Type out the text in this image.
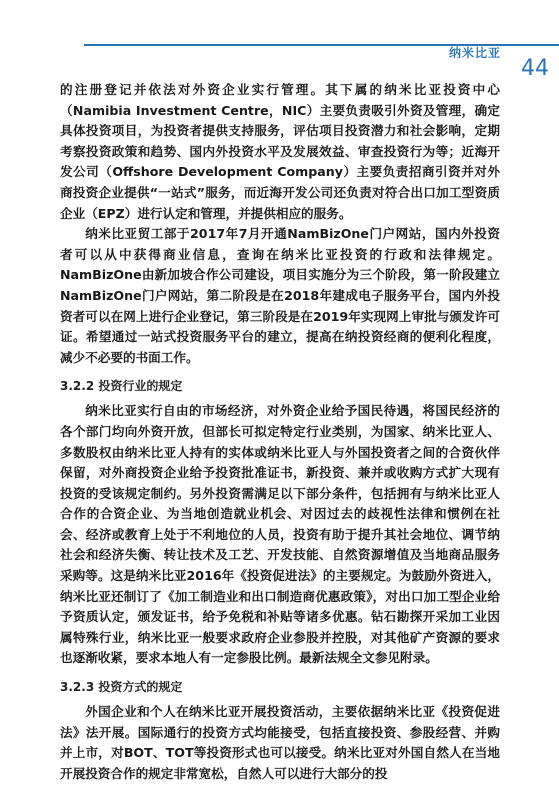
纳米比亚
44

的注册登记并依法对外资企业实行管理。其下属的纳米比亚投资中心（Namibia Investment Centre，NIC）主要负责吸引外资及管理，确定具体投资项目，为投资者提供支持服务，评估项目投资潜力和社会影响，定期考察投资政策和趋势、国内外投资水平及发展效益、审查投资行为等；近海开发公司（Offshore Development Company）主要负责招商引资并对外商投资企业提供“一站式”服务，而近海开发公司还负责对符合出口加工型资质企业（EPZ）进行认定和管理，并提供相应的服务。

纳米比亚贸工部于2017年7月开通NamBizOne门户网站，国内外投资者可以从中获得商业信息，查询在纳米比亚投资的行政和法律规定。NamBizOne由新加坡合作公司建设，项目实施分为三个阶段，第一阶段建立NamBizOne门户网站，第二阶段是在2018年建成电子服务平台，国内外投资者可以在网上进行企业登记，第三阶段是在2019年实现网上审批与颁发许可证。希望通过一站式投资服务平台的建立，提高在纳投资经商的便利化程度，减少不必要的书面工作。

3.2.2 投资行业的规定

纳米比亚实行自由的市场经济，对外资企业给予国民待遇，将国民经济的各个部门均向外资开放，但部长可拟定特定行业类别，为国家、纳米比亚人、多数股权由纳米比亚人持有的实体或纳米比亚人与外国投资者之间的合资伙伴保留，对外商投资企业给予投资批准证书，新投资、兼并或收购方式扩大现有投资的受该规定制约。另外投资需满足以下部分条件，包括拥有与纳米比亚人合作的合资企业、为当地创造就业机会、对因过去的歧视性法律和惯例在社会、经济或教育上处于不利地位的人员，投资有助于提升其社会地位、调节纳社会和经济失衡、转让技术及工艺、开发技能、自然资源增值及当地商品服务采购等。这是纳米比亚2016年《投资促进法》的主要规定。为鼓励外资进入，纳米比亚还制订了《加工制造业和出口制造商优惠政策》，对出口加工型企业给予资质认定，颁发证书，给予免税和补贴等诸多优惠。钻石勘探开采加工业因属特殊行业，纳米比亚一般要求政府企业参股并控股，对其他矿产资源的要求也逐渐收紧，要求本地人有一定参股比例。最新法规全文参见附录。

3.2.3 投资方式的规定

外国企业和个人在纳米比亚开展投资活动，主要依据纳米比亚《投资促进法》法开展。国际通行的投资方式均能接受，包括直接投资、参股经营、并购并上市，对BOT、TOT等投资形式也可以接受。纳米比亚对外国自然人在当地开展投资合作的规定非常宽松，自然人可以进行大部分的投
